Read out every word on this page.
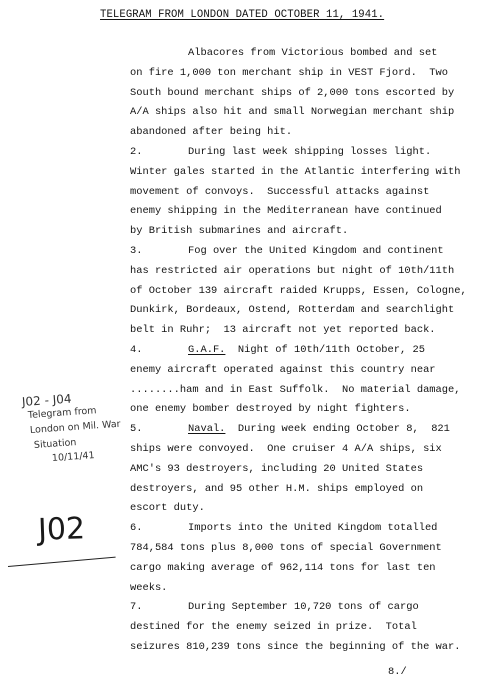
TELEGRAM FROM LONDON DATED OCTOBER 11, 1941.
Albacores from Victorious bombed and set
on fire 1,000 ton merchant ship in VEST Fjord.  Two
South bound merchant ships of 2,000 tons escorted by
A/A ships also hit and small Norwegian merchant ship
abandoned after being hit.
2.	During last week shipping losses light.
Winter gales started in the Atlantic interfering with
movement of convoys.  Successful attacks against
enemy shipping in the Mediterranean have continued
by British submarines and aircraft.
3.	Fog over the United Kingdom and continent
has restricted air operations but night of 10th/11th
of October 139 aircraft raided Krupps, Essen, Cologne,
Dunkirk, Bordeaux, Ostend, Rotterdam and searchlight
belt in Ruhr;  13 aircraft not yet reported back.
4.	G.A.F.  Night of 10th/11th October, 25
enemy aircraft operated against this country near
........ham and in East Suffolk.  No material damage,
one enemy bomber destroyed by night fighters.
5.	Naval.  During week ending October 8,  821
ships were convoyed.  One cruiser 4 A/A ships, six
AMC's 93 destroyers, including 20 United States
destroyers, and 95 other H.M. ships employed on
escort duty.
6.	Imports into the United Kingdom totalled
784,584 tons plus 8,000 tons of special Government
cargo making average of 962,114 tons for last ten
weeks.
7.	During September 10,720 tons of cargo
destined for the enemy seized in prize.  Total
seizures 810,239 tons since the beginning of the war.
J02 - J04
Telegram from
London on Mil. War
Situation
10/11/41
J02
8./
